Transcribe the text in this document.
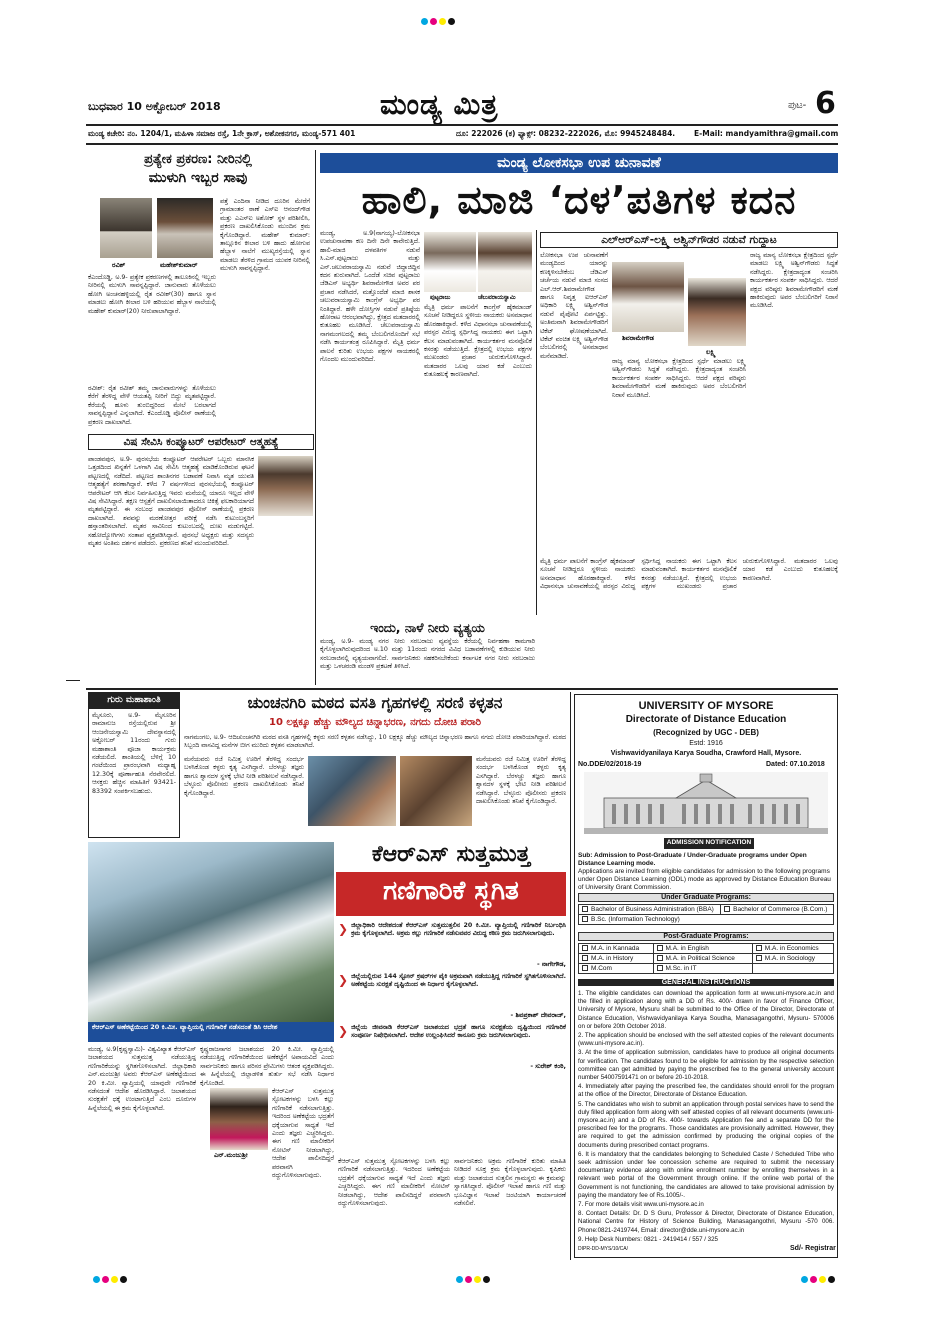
ಬುಧವಾರ 10 ಅಕ್ಟೋಬರ್ 2018	ಮಂಡ್ಯ ಮಿತ್ರ	ಪುಟ- 6
ಮಂಡ್ಯ ಕಚೇರಿ: ನಂ. 1204/1, ಮಹಿಳಾ ಸಮಾಜ ರಸ್ತೆ, 1ನೇ ಕ್ರಾಸ್, ಅಶೋಕನಗರ, ಮಂಡ್ಯ-571 401	ದೂ: 222026 (ಕ) ಫ್ಯಾಕ್ಸ್: 08232-222026, ಮೊ: 9945248484.	E-Mail: mandyamithra@gmail.com
ಪ್ರತ್ಯೇಕ ಪ್ರಕರಣ: ನೀರಿನಲ್ಲಿ
ಮುಳುಗಿ ಇಬ್ಬರ ಸಾವು
ರವಿಶ್	ಮಹೇಶ್‌ಕುಮಾರ್
ಪತ್ತೆ ಎಂದಿನಾ ನೀಡಿದ ದೂರಿನ ಮೇರೆಗೆ ಗ್ರಾಮಾಂತರ ಠಾಣೆ ಎಸ್‌ಐ ಆನಂದ್‌ಗೌಡ ಮತ್ತು ಎಎಸ್‌ಐ ಅಶೋಕ್ ಸ್ಥಳ ಪರಿಶೀಲಿಸಿ, ಪ್ರಕರಣ ದಾಖಲಿಸಿಕೊಂಡು ಮುಂದಿನ ಕ್ರಮ ಕೈಗೊಂಡಿದ್ದಾರೆ. ಮಹೇಶ್ ಕುಮಾರ್: ತಾಲ್ಲೂಕಿನ ಕೀಲಾರ ಬಳಿ ಹಾದು ಹೋಗುವ ಹೆಬ್ಬಾಳ ನಾಲೆಗೆ ಮುಖ್ಯರಸ್ತೆಯಲ್ಲಿ ಸ್ನಾನ ಮಾಡಲು ತೆರಳಿದ ಗ್ರಾಮದ ಯುವಕ ನೀರಿನಲ್ಲಿ ಮುಳುಗಿ ಸಾವನ್ನಪ್ಪಿದ್ದಾನೆ.
ಕೆಎಂದೊಡ್ಡಿ, ಅ.9- ಪ್ರತ್ಯೇಕ ಪ್ರಕರಣಗಳಲ್ಲಿ ತಾಲೂಕಿನಲ್ಲಿ ಇಬ್ಬರು ನೀರಿನಲ್ಲಿ ಮುಳುಗಿ ಸಾವನ್ನಪ್ಪಿದ್ದಾರೆ. ಜಾನುವಾರು ತೊಳೆಯಲು ಹೋಗಿ ಅಂಚನಹಳ್ಳಿಯಲ್ಲಿ ರೈತ ರವೀಶ್(30) ಹಾಗೂ ಸ್ನಾನ ಮಾಡಲು ಹೋಗಿ ಕೀಲಾರ ಬಳಿ ಹರಿಯುವ ಹೆಬ್ಬಾಳ ನಾಲೆಯಲ್ಲಿ ಮಹೇಶ್ ಕುಮಾರ್(20) ನೀರುಪಾಲಾಗಿದ್ದಾರೆ.
ರವೀಶ್: ರೈತ ರವೀಶ್ ತಮ್ಮ ಜಾನುವಾರುಗಳನ್ನು ತೊಳೆಯಲು ಕೆರೆಗೆ ತೆರಳಿದ್ದ ವೇಳೆ ಆಯತಪ್ಪಿ ನೀರಿಗೆ ಬಿದ್ದು ಮೃತಪಟ್ಟಿದ್ದಾರೆ. ಕೆರೆಯಲ್ಲಿ ಹೂಳು ತುಂಬಿದ್ದರಿಂದ ಮೇಲೆ ಬರಲಾಗದೆ ಸಾವನ್ನಪ್ಪಿದ್ದಾನೆ ಎನ್ನಲಾಗಿದೆ. ಕೆಎಂದೊಡ್ಡಿ ಪೊಲೀಸ್ ಠಾಣೆಯಲ್ಲಿ ಪ್ರಕರಣ ದಾಖಲಾಗಿದೆ.
ವಿಷ ಸೇವಿಸಿ ಕಂಪ್ಯೂಟರ್ ಆಪರೇಟರ್ ಆತ್ಮಹತ್ಯೆ
ಪಾಂಡವಪುರ, ಅ.9- ಪುರಸಭೆಯ ಕಂಪ್ಯೂಟರ್ ಆಪರೇಟರ್ ಒಬ್ಬರು ಮಾನಸಿಕ ಒತ್ತಡದಿಂದ ಖಿನ್ನತೆಗೆ ಒಳಗಾಗಿ ವಿಷ ಸೇವಿಸಿ ಆತ್ಮಹತ್ಯೆ ಮಾಡಿಕೊಂಡಿರುವ ಘಟನೆ ಪಟ್ಟಣದಲ್ಲಿ ನಡೆದಿದೆ. ಪಟ್ಟಣದ ಶಾಂತಿನಗರ ಬಡಾವಣೆ ನಿವಾಸಿ ಮೃತ ಯುವತಿ ಆತ್ಮಹತ್ಯೆಗೆ ಶರಣಾಗಿದ್ದಾರೆ. ಕಳೆದ 7 ವರ್ಷಗಳಿಂದ ಪುರಸಭೆಯಲ್ಲಿ ಕಂಪ್ಯೂಟರ್ ಆಪರೇಟರ್ ಆಗಿ ಕೆಲಸ ನಿರ್ವಹಿಸುತ್ತಿದ್ದ ಇವರು ಮನೆಯಲ್ಲಿ ಯಾರೂ ಇಲ್ಲದ ವೇಳೆ ವಿಷ ಸೇವಿಸಿದ್ದಾರೆ. ತಕ್ಷಣ ಆಸ್ಪತ್ರೆಗೆ ದಾಖಲಿಸಲಾಯಿತಾದರೂ ಚಿಕಿತ್ಸೆ ಫಲಕಾರಿಯಾಗದೆ ಮೃತಪಟ್ಟಿದ್ದಾರೆ. ಈ ಸಂಬಂಧ ಪಾಂಡವಪುರ ಪೊಲೀಸ್ ಠಾಣೆಯಲ್ಲಿ ಪ್ರಕರಣ ದಾಖಲಾಗಿದೆ. ಶವವನ್ನು ಮರಣೋತ್ತರ ಪರೀಕ್ಷೆ ನಡೆಸಿ ಕುಟುಂಬಸ್ಥರಿಗೆ ಹಸ್ತಾಂತರಿಸಲಾಗಿದೆ. ಮೃತರ ಸಾವಿನಿಂದ ಕುಟುಂಬದಲ್ಲಿ ದುಃಖ ಮಡುಗಟ್ಟಿದೆ. ಸಹೋದ್ಯೋಗಿಗಳು ಸಂತಾಪ ವ್ಯಕ್ತಪಡಿಸಿದ್ದಾರೆ. ಪುರಸಭೆ ಅಧ್ಯಕ್ಷರು ಮತ್ತು ಸದಸ್ಯರು ಮೃತರ ಅಂತಿಮ ದರ್ಶನ ಪಡೆದರು. ಪ್ರಕರಣದ ತನಿಖೆ ಮುಂದುವರಿದಿದೆ.
ಮಂಡ್ಯ ಲೋಕಸಭಾ ಉಪ ಚುನಾವಣೆ
ಹಾಲಿ, ಮಾಜಿ ‘ದಳ’ಪತಿಗಳ ಕದನ
ಮಂಡ್ಯ, ಅ.9(ನಾಗಯ್ಯ)-ಲೋಕಸಭಾ ಉಪಚುನಾವಣಾ ಕಣ ದಿನೇ ದಿನೇ ಕಾವೇರುತ್ತಿದೆ. ಹಾಲಿ-ಮಾಜಿ ದಳಪತಿಗಳ ನಡುವೆ ಸಿ.ಎಸ್.ಪುಟ್ಟರಾಜು ಮತ್ತು ಎನ್.ಚಲುವರಾಯಸ್ವಾಮಿ ನಡುವೆ ಜಿದ್ದಾಜಿದ್ದಿನ ಕದನ ಶುರುವಾಗಿದೆ. ಒಂದೆಡೆ ಸಚಿವ ಪುಟ್ಟರಾಜು ಜೆಡಿಎಸ್ ಅಭ್ಯರ್ಥಿ ಶಿವರಾಮೇಗೌಡ ಅವರ ಪರ ಪ್ರಚಾರ ನಡೆಸಿದರೆ, ಮತ್ತೊಂದೆಡೆ ಮಾಜಿ ಶಾಸಕ ಚಲುವರಾಯಸ್ವಾಮಿ ಕಾಂಗ್ರೆಸ್ ಅಭ್ಯರ್ಥಿ ಪರ ನಿಂತಿದ್ದಾರೆ. ಹಳೇ ದೋಸ್ತಿಗಳ ನಡುವೆ ಪ್ರತಿಷ್ಠೆಯ ಹೋರಾಟ ಆರಂಭವಾಗಿದ್ದು, ಕ್ಷೇತ್ರದ ಮತದಾರರಲ್ಲಿ ಕುತೂಹಲ ಮೂಡಿಸಿದೆ. ಚೆಲುವರಾಯಸ್ವಾಮಿ ನಾಗಮಂಗಲದಲ್ಲಿ ತಮ್ಮ ಬೆಂಬಲಿಗರೊಂದಿಗೆ ಸಭೆ ನಡೆಸಿ ಕಾರ್ಯತಂತ್ರ ರೂಪಿಸಿದ್ದಾರೆ. ಮೈತ್ರಿ ಧರ್ಮ ಪಾಲನೆ ಕುರಿತು ಉಭಯ ಪಕ್ಷಗಳ ನಾಯಕರಲ್ಲಿ ಗೊಂದಲ ಮುಂದುವರಿದಿದೆ.
ಪುಟ್ಟರಾಜು	ಚೆಲುವರಾಯಸ್ವಾಮಿ
ಮೈತ್ರಿ ಧರ್ಮ ಪಾಲನೆಗೆ ಕಾಂಗ್ರೆಸ್ ಹೈಕಮಾಂಡ್ ಸೂಚನೆ ನೀಡಿದ್ದರೂ ಸ್ಥಳೀಯ ನಾಯಕರು ಅಸಮಾಧಾನ ಹೊರಹಾಕಿದ್ದಾರೆ. ಕಳೆದ ವಿಧಾನಸಭಾ ಚುನಾವಣೆಯಲ್ಲಿ ಪರಸ್ಪರ ವಿರುದ್ಧ ಸ್ಪರ್ಧಿಸಿದ್ದ ನಾಯಕರು ಈಗ ಒಟ್ಟಾಗಿ ಕೆಲಸ ಮಾಡುವಂತಾಗಿದೆ. ಕಾರ್ಯಕರ್ತರ ಮನವೊಲಿಕೆ ಕಸರತ್ತು ನಡೆಯುತ್ತಿದೆ. ಕ್ಷೇತ್ರದಲ್ಲಿ ಉಭಯ ಪಕ್ಷಗಳ ಮುಖಂಡರು ಪ್ರಚಾರ ಚುರುಕುಗೊಳಿಸಿದ್ದಾರೆ. ಮತದಾರರ ಒಲವು ಯಾರ ಕಡೆ ಎಂಬುದು ಕುತೂಹಲಕ್ಕೆ ಕಾರಣವಾಗಿದೆ.
ಎಲ್‌ಆರ್‌ಎಸ್-ಲಕ್ಷ್ಮಿ ಅಶ್ವಿನ್‌ಗೌಡರ ನಡುವೆ ಗುದ್ದಾಟ
ಲೋಕಸಭಾ ಉಪ ಚುನಾವಣೆಗೆ ಮಂಡ್ಯದಿಂದ ಯಾರನ್ನು ಕಣಕ್ಕಿಳಿಸಬೇಕೆಂಬ ಜೆಡಿಎಸ್ ಚರ್ಚೆಯ ನಡುವೆ ಮಾಜಿ ಸಂಸದ ಎಲ್.ಆರ್.ಶಿವರಾಮೇಗೌಡ ಹಾಗೂ ನಿವೃತ್ತ ಐಆರ್‌ಎಸ್ ಅಧಿಕಾರಿ ಲಕ್ಷ್ಮಿ ಅಶ್ವಿನ್‌ಗೌಡ ನಡುವೆ ಪೈಪೋಟಿ ಏರ್ಪಟ್ಟಿತ್ತು. ಅಂತಿಮವಾಗಿ ಶಿವರಾಮೇಗೌಡರಿಗೆ ಟಿಕೆಟ್ ಘೋಷಣೆಯಾಗಿದೆ. ಟಿಕೆಟ್ ವಂಚಿತ ಲಕ್ಷ್ಮಿ ಅಶ್ವಿನ್‌ಗೌಡ ಬೆಂಬಲಿಗರಲ್ಲಿ ಅಸಮಾಧಾನ ಮನೆಮಾಡಿದೆ.
ಶಿವರಾಮೇಗೌಡ
ಲಕ್ಷ್ಮಿ
ರಾಜ್ಯ ಮಾನ್ಯ ಲೋಕಸಭಾ ಕ್ಷೇತ್ರದಿಂದ ಸ್ಪರ್ಧೆ ಮಾಡಲು ಲಕ್ಷ್ಮಿ ಅಶ್ವಿನ್‌ಗೌಡರು ಸಿದ್ಧತೆ ನಡೆಸಿದ್ದರು. ಕ್ಷೇತ್ರದಾದ್ಯಂತ ಸಂಚರಿಸಿ ಕಾರ್ಯಕರ್ತರ ಸಂಪರ್ಕ ಸಾಧಿಸಿದ್ದರು. ಆದರೆ ಪಕ್ಷದ ವರಿಷ್ಠರು ಶಿವರಾಮೇಗೌಡರಿಗೆ ಮಣೆ ಹಾಕಿರುವುದು ಅವರ ಬೆಂಬಲಿಗರಿಗೆ ನಿರಾಸೆ ಮೂಡಿಸಿದೆ.
ರಾಜ್ಯ ಮಾನ್ಯ ಲೋಕಸಭಾ ಕ್ಷೇತ್ರದಿಂದ ಸ್ಪರ್ಧೆ ಮಾಡಲು ಲಕ್ಷ್ಮಿ ಅಶ್ವಿನ್‌ಗೌಡರು ಸಿದ್ಧತೆ ನಡೆಸಿದ್ದರು. ಕ್ಷೇತ್ರದಾದ್ಯಂತ ಸಂಚರಿಸಿ ಕಾರ್ಯಕರ್ತರ ಸಂಪರ್ಕ ಸಾಧಿಸಿದ್ದರು. ಆದರೆ ಪಕ್ಷದ ವರಿಷ್ಠರು ಶಿವರಾಮೇಗೌಡರಿಗೆ ಮಣೆ ಹಾಕಿರುವುದು ಅವರ ಬೆಂಬಲಿಗರಿಗೆ ನಿರಾಸೆ ಮೂಡಿಸಿದೆ.
ಇಂದು, ನಾಳೆ ನೀರು ವ್ಯತ್ಯಯ
ಮಂಡ್ಯ, ಅ.9- ಮಂಡ್ಯ ನಗರ ನೀರು ಸರಬರಾಜು ವ್ಯವಸ್ಥೆಯ ಕೆರೆಯಲ್ಲಿ ನಿರ್ವಹಣಾ ಕಾಮಗಾರಿ ಕೈಗೊಳ್ಳಲಾಗಿರುವುದರಿಂದ ಅ.10 ಮತ್ತು 11ರಂದು ನಗರದ ವಿವಿಧ ಬಡಾವಣೆಗಳಲ್ಲಿ ಕುಡಿಯುವ ನೀರು ಸರಬರಾಜಿನಲ್ಲಿ ವ್ಯತ್ಯಯವಾಗಲಿದೆ. ಸಾರ್ವಜನಿಕರು ಸಹಕರಿಸಬೇಕೆಂದು ಕರ್ನಾಟಕ ನಗರ ನೀರು ಸರಬರಾಜು ಮತ್ತು ಒಳಚರಂಡಿ ಮಂಡಳಿ ಪ್ರಕಟಣೆ ತಿಳಿಸಿದೆ.
ಮೈತ್ರಿ ಧರ್ಮ ಪಾಲನೆಗೆ ಕಾಂಗ್ರೆಸ್ ಹೈಕಮಾಂಡ್ ಸೂಚನೆ ನೀಡಿದ್ದರೂ ಸ್ಥಳೀಯ ನಾಯಕರು ಅಸಮಾಧಾನ ಹೊರಹಾಕಿದ್ದಾರೆ. ಕಳೆದ ವಿಧಾನಸಭಾ ಚುನಾವಣೆಯಲ್ಲಿ ಪರಸ್ಪರ ವಿರುದ್ಧ ಸ್ಪರ್ಧಿಸಿದ್ದ ನಾಯಕರು ಈಗ ಒಟ್ಟಾಗಿ ಕೆಲಸ ಮಾಡುವಂತಾಗಿದೆ. ಕಾರ್ಯಕರ್ತರ ಮನವೊಲಿಕೆ ಕಸರತ್ತು ನಡೆಯುತ್ತಿದೆ. ಕ್ಷೇತ್ರದಲ್ಲಿ ಉಭಯ ಪಕ್ಷಗಳ ಮುಖಂಡರು ಪ್ರಚಾರ ಚುರುಕುಗೊಳಿಸಿದ್ದಾರೆ. ಮತದಾರರ ಒಲವು ಯಾರ ಕಡೆ ಎಂಬುದು ಕುತೂಹಲಕ್ಕೆ ಕಾರಣವಾಗಿದೆ.
ಗುರು ಮಹಾಶಾಂತಿ
ಮೈಸೂರು, ಅ.9- ಮೈಸೂರಿನ ರಾಮಾನುಜ ರಸ್ತೆಯಲ್ಲಿರುವ ಶ್ರೀ ಆಂಜನೇಯಸ್ವಾಮಿ ದೇವಸ್ಥಾನದಲ್ಲಿ ಅಕ್ಟೋಬರ್ 11ರಂದು ಗುರು ಮಹಾಶಾಂತಿ ಪೂಜಾ ಕಾರ್ಯಕ್ರಮ ನಡೆಯಲಿದೆ. ಶಾಂತಿಯಲ್ಲಿ ಬೆಳಿಗ್ಗೆ 10 ಗಂಟೆಯಿಂದ ಪ್ರಾರಂಭವಾಗಿ ಮಧ್ಯಾಹ್ನ 12.30ಕ್ಕೆ ಪೂರ್ಣಾಹುತಿ ನೆರವೇರಲಿದೆ. ಆಸಕ್ತರು ಹೆಚ್ಚಿನ ಮಾಹಿತಿಗೆ 93421-83392 ಸಂಪರ್ಕಿಸಬಹುದು.
ಚುಂಚನಗಿರಿ ಮಠದ ವಸತಿ ಗೃಹಗಳಲ್ಲಿ ಸರಣಿ ಕಳ್ಳತನ
10 ಲಕ್ಷಕ್ಕೂ ಹೆಚ್ಚು ಮೌಲ್ಯದ ಚಿನ್ನಾಭರಣ, ನಗದು ದೋಚಿ ಪರಾರಿ
ನಾಗಮಂಗಲ, ಅ.9- ಆದಿಚುಂಚನಗಿರಿ ಮಠದ ವಸತಿ ಗೃಹಗಳಲ್ಲಿ ಕಳ್ಳರು ಸರಣಿ ಕಳ್ಳತನ ನಡೆಸಿದ್ದು, 10 ಲಕ್ಷಕ್ಕೂ ಹೆಚ್ಚು ಮೌಲ್ಯದ ಚಿನ್ನಾಭರಣ ಹಾಗೂ ನಗದು ದೋಚಿ ಪರಾರಿಯಾಗಿದ್ದಾರೆ. ಮಠದ ಸಿಬ್ಬಂದಿ ವಾಸವಿದ್ದ ಮನೆಗಳ ಬೀಗ ಮುರಿದು ಕಳ್ಳತನ ಮಾಡಲಾಗಿದೆ.
ಮನೆಯವರು ರಜೆ ನಿಮಿತ್ತ ಊರಿಗೆ ತೆರಳಿದ್ದ ಸಂದರ್ಭ ಬಳಸಿಕೊಂಡ ಕಳ್ಳರು ಕೃತ್ಯ ಎಸಗಿದ್ದಾರೆ. ಬೆರಳಚ್ಚು ತಜ್ಞರು ಹಾಗೂ ಶ್ವಾನದಳ ಸ್ಥಳಕ್ಕೆ ಭೇಟಿ ನೀಡಿ ಪರಿಶೀಲನೆ ನಡೆಸಿದ್ದಾರೆ. ಬೆಳ್ಳೂರು ಪೊಲೀಸರು ಪ್ರಕರಣ ದಾಖಲಿಸಿಕೊಂಡು ತನಿಖೆ ಕೈಗೊಂಡಿದ್ದಾರೆ.
ಮನೆಯವರು ರಜೆ ನಿಮಿತ್ತ ಊರಿಗೆ ತೆರಳಿದ್ದ ಸಂದರ್ಭ ಬಳಸಿಕೊಂಡ ಕಳ್ಳರು ಕೃತ್ಯ ಎಸಗಿದ್ದಾರೆ. ಬೆರಳಚ್ಚು ತಜ್ಞರು ಹಾಗೂ ಶ್ವಾನದಳ ಸ್ಥಳಕ್ಕೆ ಭೇಟಿ ನೀಡಿ ಪರಿಶೀಲನೆ ನಡೆಸಿದ್ದಾರೆ. ಬೆಳ್ಳೂರು ಪೊಲೀಸರು ಪ್ರಕರಣ ದಾಖಲಿಸಿಕೊಂಡು ತನಿಖೆ ಕೈಗೊಂಡಿದ್ದಾರೆ.
ಕೆಆರ್‌ಎಸ್ ಅಣೆಕಟ್ಟೆಯಿಂದ 20 ಕಿ.ಮೀ. ವ್ಯಾಪ್ತಿಯಲ್ಲಿ ಗಣಿಗಾರಿಕೆ ನಡೆಸದಂತೆ ಡಿಸಿ ಆದೇಶ
ಕೆಆರ್‌ಎಸ್ ಸುತ್ತಮುತ್ತ
ಗಣಿಗಾರಿಕೆ ಸ್ಥಗಿತ
❯ ಜಿಲ್ಲಾಧಿಕಾರಿ ಆದೇಶದಂತೆ ಕೆಆರ್‌ಎಸ್ ಸುತ್ತಮುತ್ತಲಿನ 20 ಕಿ.ಮೀ. ವ್ಯಾಪ್ತಿಯಲ್ಲಿ ಗಣಿಗಾರಿಕೆ ನಿರ್ಬಂಧಿಸಿ ಕ್ರಮ ಕೈಗೊಳ್ಳಲಾಗಿದೆ. ಅಕ್ರಮ ಕಲ್ಲು ಗಣಿಗಾರಿಕೆ ನಡೆಸುವವರ ವಿರುದ್ಧ ಕಠಿಣ ಕ್ರಮ ಜರುಗಿಸಲಾಗುವುದು.
- ನಾಗೇಗೌಡ,
❯ ಜಿಲ್ಲೆಯಲ್ಲಿರುವ 144 ಸ್ಟೋನ್ ಕ್ರಷರ್‌ಗಳ ಪೈಕಿ ಅಕ್ರಮವಾಗಿ ನಡೆಯುತ್ತಿದ್ದ ಗಣಿಗಾರಿಕೆ ಸ್ಥಗಿತಗೊಳಿಸಲಾಗಿದೆ. ಅಣೆಕಟ್ಟೆಯ ಸುರಕ್ಷತೆ ದೃಷ್ಟಿಯಿಂದ ಈ ನಿರ್ಧಾರ ಕೈಗೊಳ್ಳಲಾಗಿದೆ.
- ಶಿವಪ್ರಕಾಶ್ ದೇವರಾಜ್,
❯ ಜಿಲ್ಲೆಯ ಜೀವನಾಡಿ ಕೆಆರ್‌ಎಸ್ ಜಲಾಶಯದ ಭದ್ರತೆ ಹಾಗೂ ಸುರಕ್ಷತೆಯ ದೃಷ್ಟಿಯಿಂದ ಗಣಿಗಾರಿಕೆ ಸಂಪೂರ್ಣ ನಿಷೇಧಿಸಲಾಗಿದೆ. ಆದೇಶ ಉಲ್ಲಂಘಿಸಿದರೆ ಕಾನೂನು ಕ್ರಮ ಜರುಗಿಸಲಾಗುವುದು.
- ಸುರೇಶ್ ಕಂಠಿ,
ಮಂಡ್ಯ, ಅ.9(ಕೃಷ್ಣಸ್ವಾಮಿ)- ವಿಶ್ವವಿಖ್ಯಾತ ಕೆಆರ್‌ಎಸ್ ಜಲಾಶಯದ ಸುತ್ತಮುತ್ತ ನಡೆಯುತ್ತಿದ್ದ ಗಣಿಗಾರಿಕೆಯನ್ನು ಸ್ಥಗಿತಗೊಳಿಸಲಾಗಿದೆ. ಜಿಲ್ಲಾಧಿಕಾರಿ ಎನ್.ಮಂಜುಶ್ರೀ ಅವರು ಕೆಆರ್‌ಎಸ್ ಅಣೆಕಟ್ಟೆಯಿಂದ 20 ಕಿ.ಮೀ. ವ್ಯಾಪ್ತಿಯಲ್ಲಿ ಯಾವುದೇ ಗಣಿಗಾರಿಕೆ ನಡೆಸದಂತೆ ಆದೇಶ ಹೊರಡಿಸಿದ್ದಾರೆ. ಜಲಾಶಯದ ಸುರಕ್ಷತೆಗೆ ಧಕ್ಕೆ ಉಂಟಾಗುತ್ತಿದೆ ಎಂಬ ದೂರುಗಳ ಹಿನ್ನೆಲೆಯಲ್ಲಿ ಈ ಕ್ರಮ ಕೈಗೊಳ್ಳಲಾಗಿದೆ.
ಕೃಷ್ಣರಾಜಸಾಗರ ಜಲಾಶಯದ 20 ಕಿ.ಮೀ. ವ್ಯಾಪ್ತಿಯಲ್ಲಿ ನಡೆಯುತ್ತಿದ್ದ ಗಣಿಗಾರಿಕೆಯಿಂದ ಅಣೆಕಟ್ಟೆಗೆ ಅಪಾಯವಿದೆ ಎಂದು ಸಾರ್ವಜನಿಕರು ಹಾಗೂ ಪರಿಸರ ಪ್ರೇಮಿಗಳು ಆತಂಕ ವ್ಯಕ್ತಪಡಿಸಿದ್ದರು. ಈ ಹಿನ್ನೆಲೆಯಲ್ಲಿ ಜಿಲ್ಲಾಡಳಿತ ತುರ್ತು ಸಭೆ ನಡೆಸಿ ನಿರ್ಧಾರ ಕೈಗೊಂಡಿದೆ.
ಎನ್.ಮಂಜುಶ್ರೀ
ಕೆಆರ್‌ಎಸ್ ಸುತ್ತಮುತ್ತ ಸ್ಫೋಟಕಗಳನ್ನು ಬಳಸಿ ಕಲ್ಲು ಗಣಿಗಾರಿಕೆ ನಡೆಸಲಾಗುತ್ತಿತ್ತು. ಇದರಿಂದ ಅಣೆಕಟ್ಟೆಯ ಭದ್ರತೆಗೆ ಧಕ್ಕೆಯಾಗುವ ಸಾಧ್ಯತೆ ಇದೆ ಎಂದು ತಜ್ಞರು ಎಚ್ಚರಿಸಿದ್ದರು. ಈಗ ಗಣಿ ಮಾಲೀಕರಿಗೆ ನೋಟಿಸ್ ನೀಡಲಾಗಿದ್ದು, ಆದೇಶ ಪಾಲಿಸದಿದ್ದರೆ ಪರವಾನಗಿ ರದ್ದುಗೊಳಿಸಲಾಗುವುದು.
ಕೆಆರ್‌ಎಸ್ ಸುತ್ತಮುತ್ತ ಸ್ಫೋಟಕಗಳನ್ನು ಬಳಸಿ ಕಲ್ಲು ಗಣಿಗಾರಿಕೆ ನಡೆಸಲಾಗುತ್ತಿತ್ತು. ಇದರಿಂದ ಅಣೆಕಟ್ಟೆಯ ಭದ್ರತೆಗೆ ಧಕ್ಕೆಯಾಗುವ ಸಾಧ್ಯತೆ ಇದೆ ಎಂದು ತಜ್ಞರು ಎಚ್ಚರಿಸಿದ್ದರು. ಈಗ ಗಣಿ ಮಾಲೀಕರಿಗೆ ನೋಟಿಸ್ ನೀಡಲಾಗಿದ್ದು, ಆದೇಶ ಪಾಲಿಸದಿದ್ದರೆ ಪರವಾನಗಿ ರದ್ದುಗೊಳಿಸಲಾಗುವುದು.
ಸಾರ್ವಜನಿಕರು ಅಕ್ರಮ ಗಣಿಗಾರಿಕೆ ಕುರಿತು ಮಾಹಿತಿ ನೀಡಿದರೆ ಸೂಕ್ತ ಕ್ರಮ ಕೈಗೊಳ್ಳಲಾಗುವುದು. ಕೃಷಿಕರು ಮತ್ತು ಜಲಾಶಯದ ಸುತ್ತಲಿನ ಗ್ರಾಮಸ್ಥರು ಈ ಕ್ರಮವನ್ನು ಸ್ವಾಗತಿಸಿದ್ದಾರೆ. ಪೊಲೀಸ್ ಇಲಾಖೆ ಹಾಗೂ ಗಣಿ ಮತ್ತು ಭೂವಿಜ್ಞಾನ ಇಲಾಖೆ ಜಂಟಿಯಾಗಿ ಕಾರ್ಯಾಚರಣೆ ನಡೆಸಲಿವೆ.
UNIVERSITY OF MYSORE
Directorate of Distance Education
(Recognized by UGC - DEB)
Estd: 1916
Vishwavidyanilaya Karya Soudha, Crawford Hall, Mysore.
No.DDE/02/2018-19	Dated: 07.10.2018
ADMISSION NOTIFICATION
Sub: Admission to Post-Graduate / Under-Graduate programs under Open Distance Learning mode.
Applications are invited from eligible candidates for admission to the following programs under Open Distance Learning (ODL) mode as approved by Distance Education Bureau of University Grant Commission.
Under Graduate Programs:
Bachelor of Business Administration (BBA)	Bachelor of Commerce (B.Com.)
B.Sc. (Information Technology)
Post-Graduate Programs:
M.A. in Kannada	M.A. in English	M.A. in Economics
M.A. in History	M.A. in Political Science	M.A. in Sociology
M.Com	M.Sc. in IT	
GENERAL INSTRUCTIONS
1. The eligible candidates can download the application form at www.uni-mysore.ac.in and the filled in application along with a DD of Rs. 400/- drawn in favor of Finance Officer, University of Mysore, Mysuru shall be submitted to the Office of the Director, Directorate of Distance Education, Vishwavidyanilaya Karya Soudha, Manasagangothri, Mysuru- 570006 on or before 20th October 2018.
2. The application should be enclosed with the self attested copies of the relevant documents (www.uni-mysore.ac.in).
3. At the time of application submission, candidates have to produce all original documents for verification. The candidates found to be eligible for admission by the respective selection committee can get admitted by paying the prescribed fee to the general university account number 54007591471 on or before 20-10-2018.
4. Immediately after paying the prescribed fee, the candidates should enroll for the program at the office of the Director, Directorate of Distance Education.
5. The candidates who wish to submit an application through postal services have to send the duly filled application form along with self attested copies of all relevant documents (www.uni-mysore.ac.in) and a DD of Rs. 400/- towards Application fee and a separate DD for the prescribed fee for the programs. Those candidates are provisionally admitted. However, they are required to get the admission confirmed by producing the original copies of the documents during prescribed contact programs.
6. It is mandatory that the candidates belonging to Scheduled Caste / Scheduled Tribe who seek admission under fee concession scheme are required to submit the necessary documentary evidence along with online enrollment number by enrolling themselves in a relevant web portal of the Government through online. If the online web portal of the Government is not functioning, the candidates are allowed to take provisional admission by paying the mandatory fee of Rs.1005/-.
7. For more details visit www.uni-mysore.ac.in
8. Contact Details: Dr. D S Guru, Professor & Director, Directorate of Distance Education, National Centre for History of Science Building, Manasagangothri, Mysuru -570 006. Phone:0821-2419744, Email: director@dde.uni-mysore.ac.in
9. Help Desk Numbers: 0821 - 2419414 / 557 / 325
DIPR-DD-MYS/10/CA/	Sd/- Registrar
